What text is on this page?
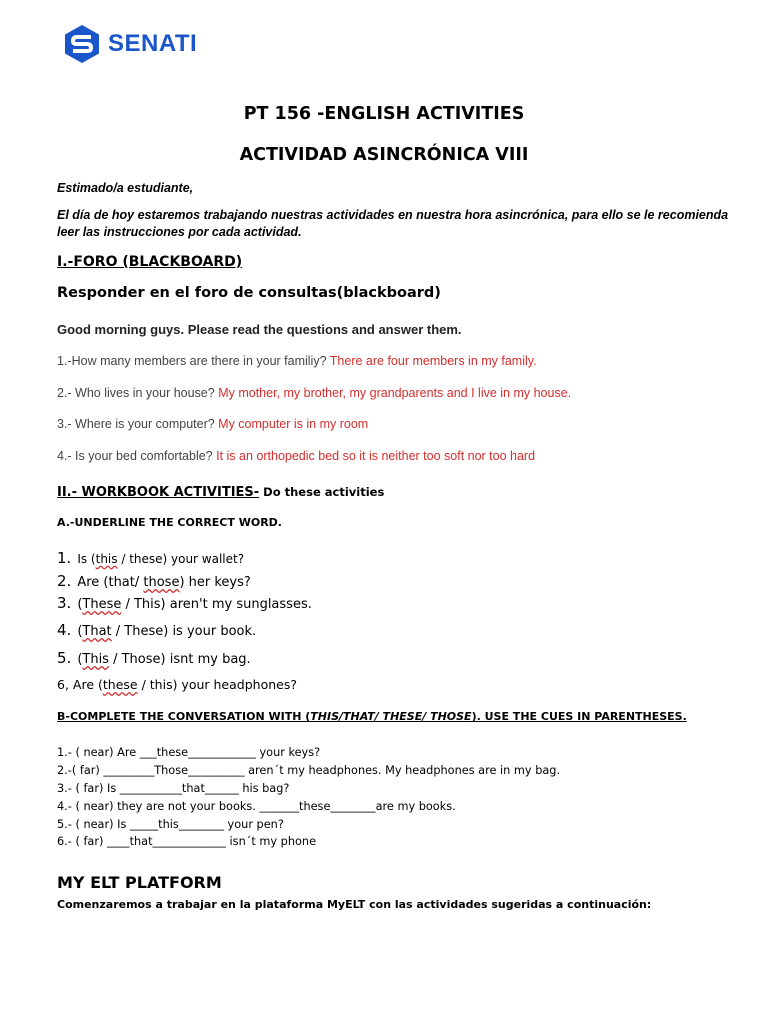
SENATI
PT 156 -ENGLISH ACTIVITIES
ACTIVIDAD ASINCRÓNICA VIII
Estimado/a estudiante,
El día de hoy estaremos trabajando nuestras actividades en nuestra hora asincrónica, para ello se le recomienda leer las instrucciones por cada actividad.
I.-FORO (BLACKBOARD)
Responder en el foro de consultas(blackboard)
Good morning guys. Please read the questions and answer them.
1.-How many members are there in your familiy? There are four members in my family.
2.- Who lives in your house? My mother, my brother, my grandparents and I live in my house.
3.- Where is your computer? My computer is in my room
4.- Is your bed comfortable? It is an orthopedic bed so it is neither too soft nor too hard
II.- WORKBOOK ACTIVITIES- Do these activities
A.-UNDERLINE THE CORRECT WORD.
1. Is (this / these) your wallet?
2. Are (that/ those) her keys?
3. (These / This) aren't my sunglasses.
4. (That / These) is your book.
5. (This / Those) isnt my bag.
6, Are (these / this) your headphones?
B-COMPLETE THE CONVERSATION WITH (THIS/THAT/ THESE/ THOSE). USE THE CUES IN PARENTHESES.
1.- ( near) Are ___these____________ your keys?
2.-( far) _________Those__________ aren´t my headphones. My headphones are in my bag.
3.- ( far) Is ___________that______ his bag?
4.- ( near) they are not your books. _______these________are my books.
5.- ( near) Is _____this________ your pen?
6.- ( far) ____that_____________ isn´t my phone
MY ELT PLATFORM
Comenzaremos a trabajar en la plataforma MyELT con las actividades sugeridas a continuación:
